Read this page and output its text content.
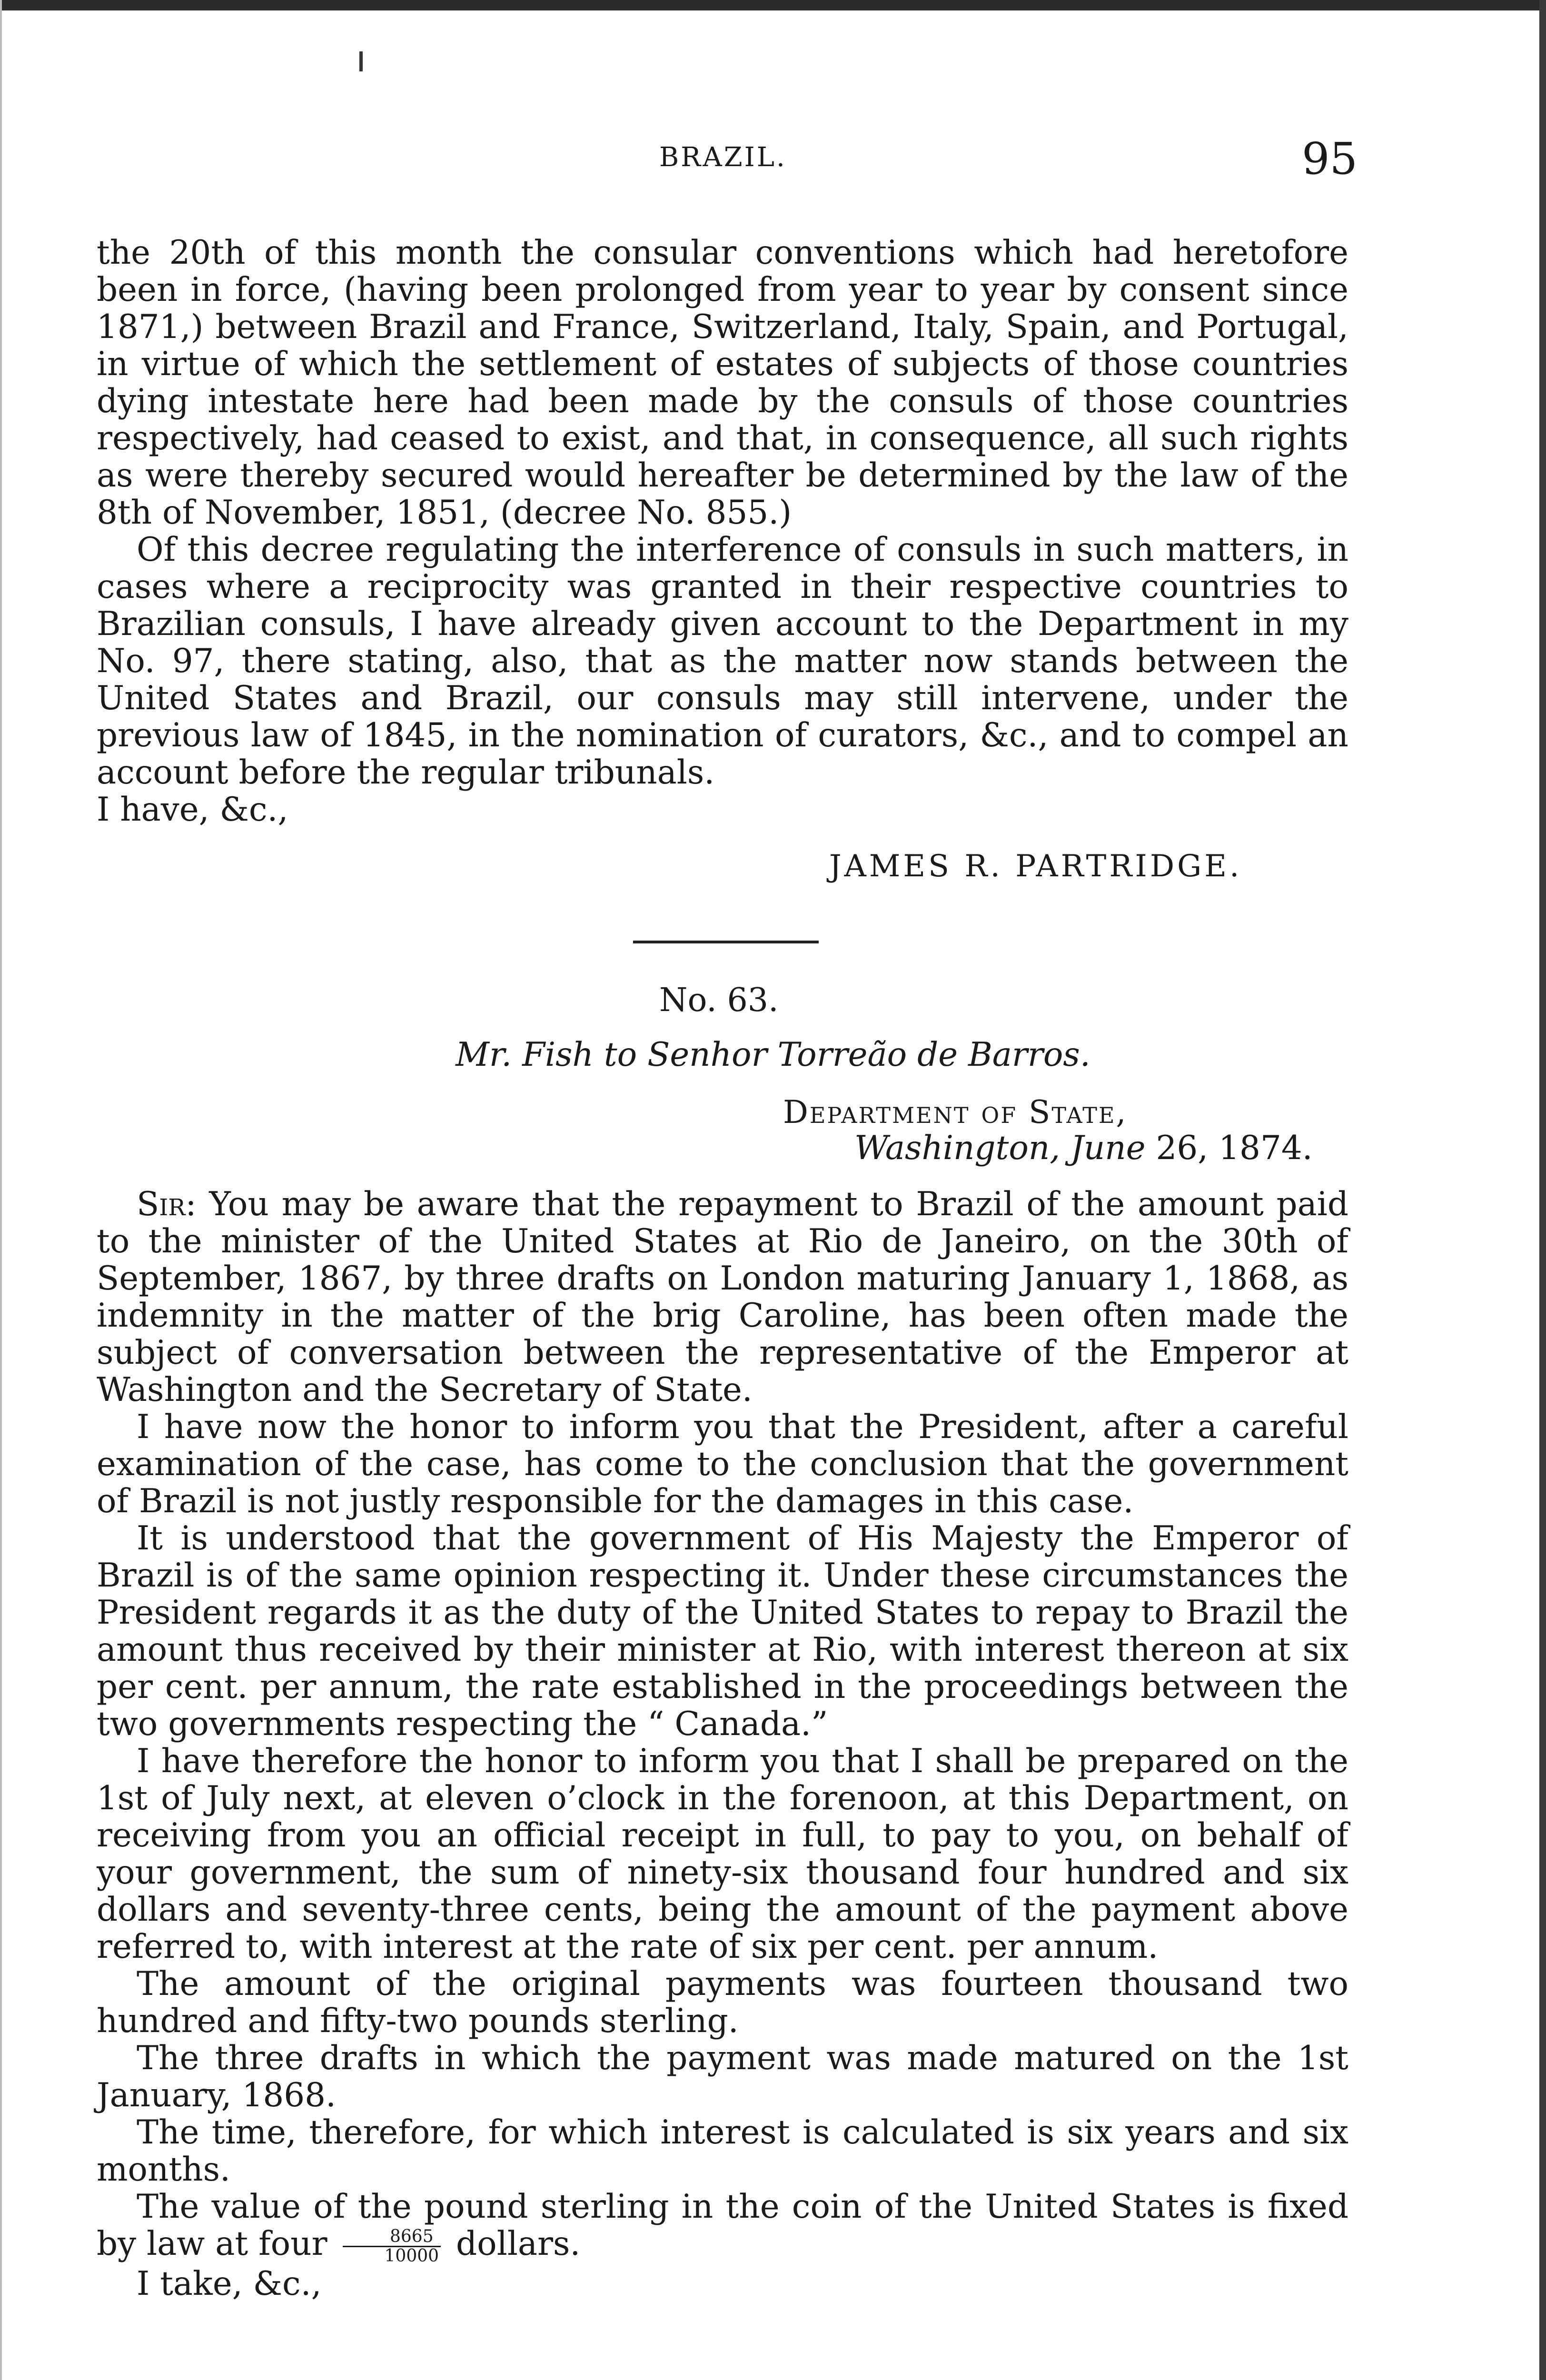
BRAZIL.	95

the 20th of this month the consular conventions which had heretofore been in force, (having been prolonged from year to year by consent since 1871,) between Brazil and France, Switzerland, Italy, Spain, and Portugal, in virtue of which the settlement of estates of subjects of those countries dying intestate here had been made by the consuls of those countries respectively, had ceased to exist, and that, in consequence, all such rights as were thereby secured would hereafter be determined by the law of the 8th of November, 1851, (decree No. 855.)

Of this decree regulating the interference of consuls in such matters, in cases where a reciprocity was granted in their respective countries to Brazilian consuls, I have already given account to the Department in my No. 97, there stating, also, that as the matter now stands between the United States and Brazil, our consuls may still intervene, under the previous law of 1845, in the nomination of curators, &c., and to compel an account before the regular tribunals.

I have, &c.,

JAMES R. PARTRIDGE.
No. 63.
Mr. Fish to Senhor Torreão de Barros.
Department of State,
Washington, June 26, 1874.

Sir: You may be aware that the repayment to Brazil of the amount paid to the minister of the United States at Rio de Janeiro, on the 30th of September, 1867, by three drafts on London maturing January 1, 1868, as indemnity in the matter of the brig Caroline, has been often made the subject of conversation between the representative of the Emperor at Washington and the Secretary of State.

I have now the honor to inform you that the President, after a careful examination of the case, has come to the conclusion that the government of Brazil is not justly responsible for the damages in this case.

It is understood that the government of His Majesty the Emperor of Brazil is of the same opinion respecting it. Under these circumstances the President regards it as the duty of the United States to repay to Brazil the amount thus received by their minister at Rio, with interest thereon at six per cent. per annum, the rate established in the proceedings between the two governments respecting the “ Canada.”

I have therefore the honor to inform you that I shall be prepared on the 1st of July next, at eleven o’clock in the forenoon, at this Department, on receiving from you an official receipt in full, to pay to you, on behalf of your government, the sum of ninety-six thousand four hundred and six dollars and seventy-three cents, being the amount of the payment above referred to, with interest at the rate of six per cent. per annum.

The amount of the original payments was fourteen thousand two hundred and fifty-two pounds sterling.

The three drafts in which the payment was made matured on the 1st January, 1868.

The time, therefore, for which interest is calculated is six years and six months.

The value of the pound sterling in the coin of the United States is fixed by law at four $\frac{8665}{10000}$ dollars.

I take, &c.,
